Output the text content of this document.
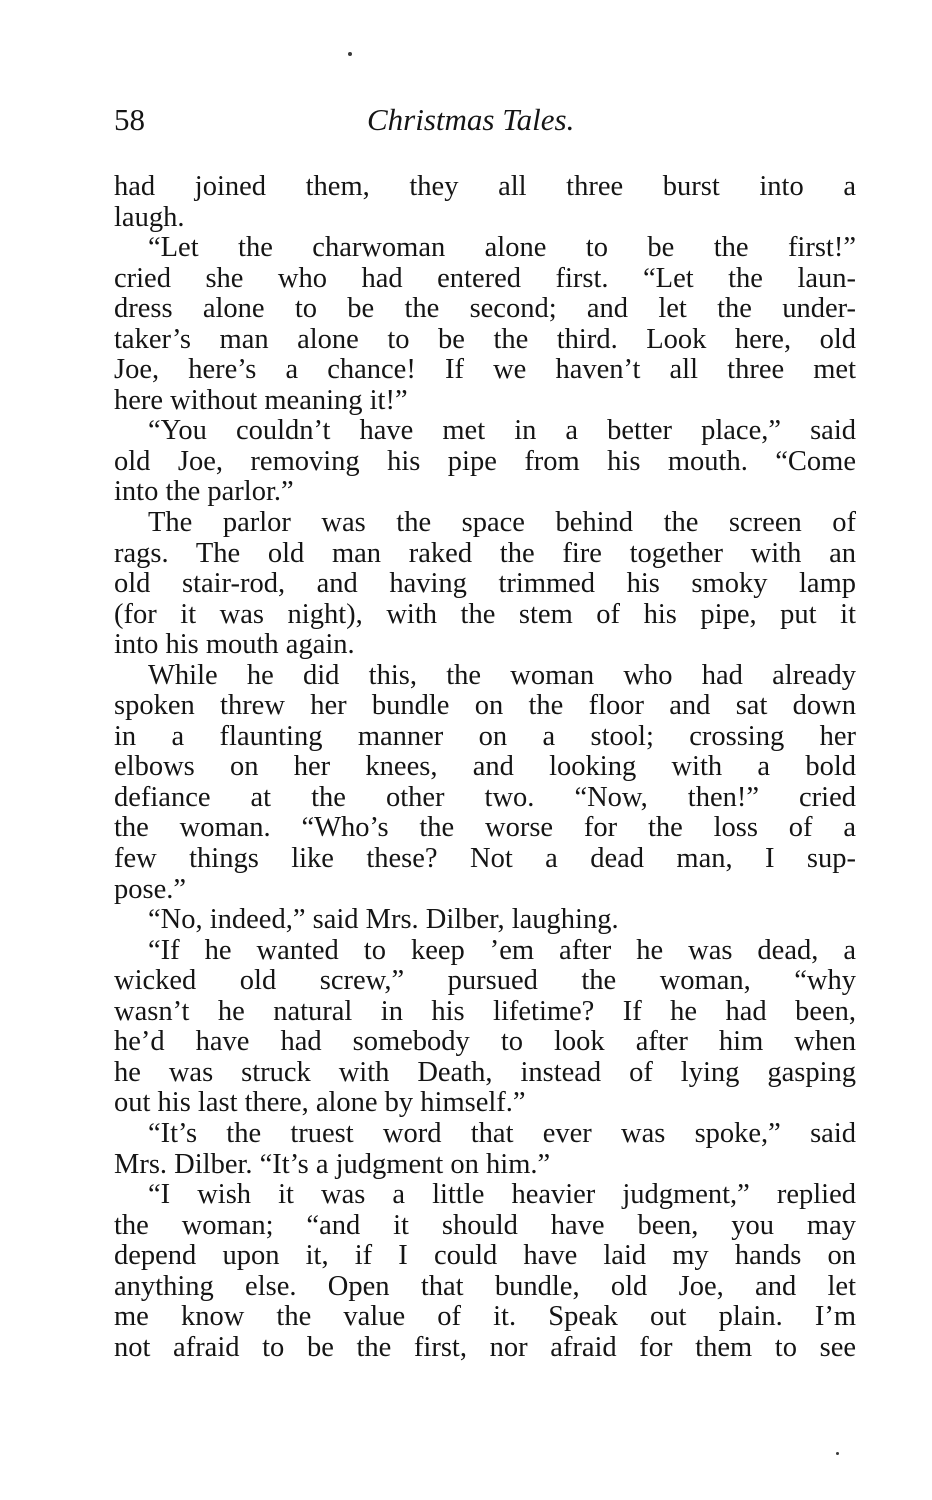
58	Christmas Tales.
had joined them, they all three burst into a
laugh.
“Let the charwoman alone to be the first!”
cried she who had entered first. “Let the laun-
dress alone to be the second; and let the under-
taker’s man alone to be the third. Look here, old
Joe, here’s a chance! If we haven’t all three met
here without meaning it!”
“You couldn’t have met in a better place,” said
old Joe, removing his pipe from his mouth. “Come
into the parlor.”
The parlor was the space behind the screen of
rags. The old man raked the fire together with an
old stair-rod, and having trimmed his smoky lamp
(for it was night), with the stem of his pipe, put it
into his mouth again.
While he did this, the woman who had already
spoken threw her bundle on the floor and sat down
in a flaunting manner on a stool; crossing her
elbows on her knees, and looking with a bold
defiance at the other two. “Now, then!” cried
the woman. “Who’s the worse for the loss of a
few things like these? Not a dead man, I sup-
pose.”
“No, indeed,” said Mrs. Dilber, laughing.
“If he wanted to keep ’em after he was dead, a
wicked old screw,” pursued the woman, “why
wasn’t he natural in his lifetime? If he had been,
he’d have had somebody to look after him when
he was struck with Death, instead of lying gasping
out his last there, alone by himself.”
“It’s the truest word that ever was spoke,” said
Mrs. Dilber. “It’s a judgment on him.”
“I wish it was a little heavier judgment,” replied
the woman; “and it should have been, you may
depend upon it, if I could have laid my hands on
anything else. Open that bundle, old Joe, and let
me know the value of it. Speak out plain. I’m
not afraid to be the first, nor afraid for them to see
